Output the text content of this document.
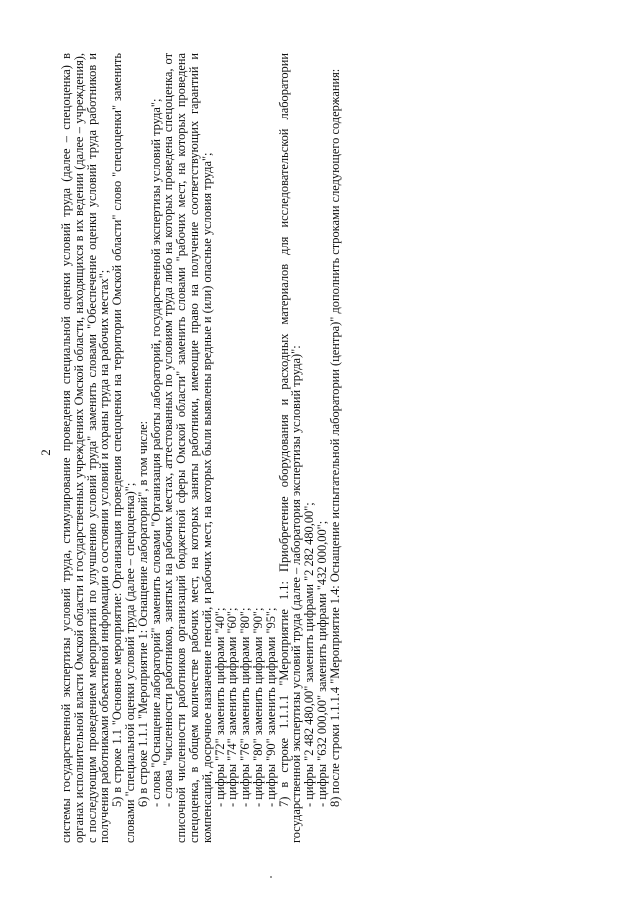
2 системы государственной экспертизы условий труда, стимулирование проведения специальной оценки условий труда (далее – спецоценка) в органах исполнительной власти Омской области и государственных учреждениях Омской области, находящихся в их ведении (далее – учреждения), с последующим проведением мероприятий по улучшению условий труда" заменить словами "Обеспечение оценки условий труда работников и получения работниками объективной информации о состоянии условий и охраны труда на рабочих местах";

5) в строке 1.1 "Основное мероприятие: Организация проведения спецоценки на территории Омской области" слово "спецоценки" заменить словами "специальной оценки условий труда (далее – спецоценка)";

6) в строке 1.1.1 "Мероприятие 1: Оснащение лабораторий", в том числе:

- слова "Оснащение лабораторий" заменить словами "Организация работы лабораторий, государственной экспертизы условий труда";

- слова "численности работников, занятых на рабочих местах, аттестованных по условиям труда либо на которых проведена спецоценка, от списочной численности работников организаций бюджетной сферы Омской области" заменить словами "рабочих мест, на которых проведена спецоценка, в общем количестве рабочих мест, на которых заняты работники, имеющие право на получение соответствующих гарантий и компенсаций, досрочное назначение пенсий, и рабочих мест, на которых были выявлены вредные и (или) опасные условия труда";

- цифры "72" заменить цифрами "40";

- цифры "74" заменить цифрами "60";

- цифры "76" заменить цифрами "80";

- цифры "80" заменить цифрами "90";

- цифры "90" заменить цифрами "95";

7) в строке 1.1.1.1 "Мероприятие 1.1: Приобретение оборудования и расходных материалов для исследовательской лаборатории государственной экспертизы условий труда (далее – лаборатория экспертизы условий труда)":

- цифры "2 482 480,00" заменить цифрами "2 282 480,00";

- цифры "632 000,00" заменить цифрами "432 000,00";

8) после строки 1.1.1.4 "Мероприятие 1.4: Оснащение испытательной лаборатории (центра)" дополнить строками следующего содержания:
